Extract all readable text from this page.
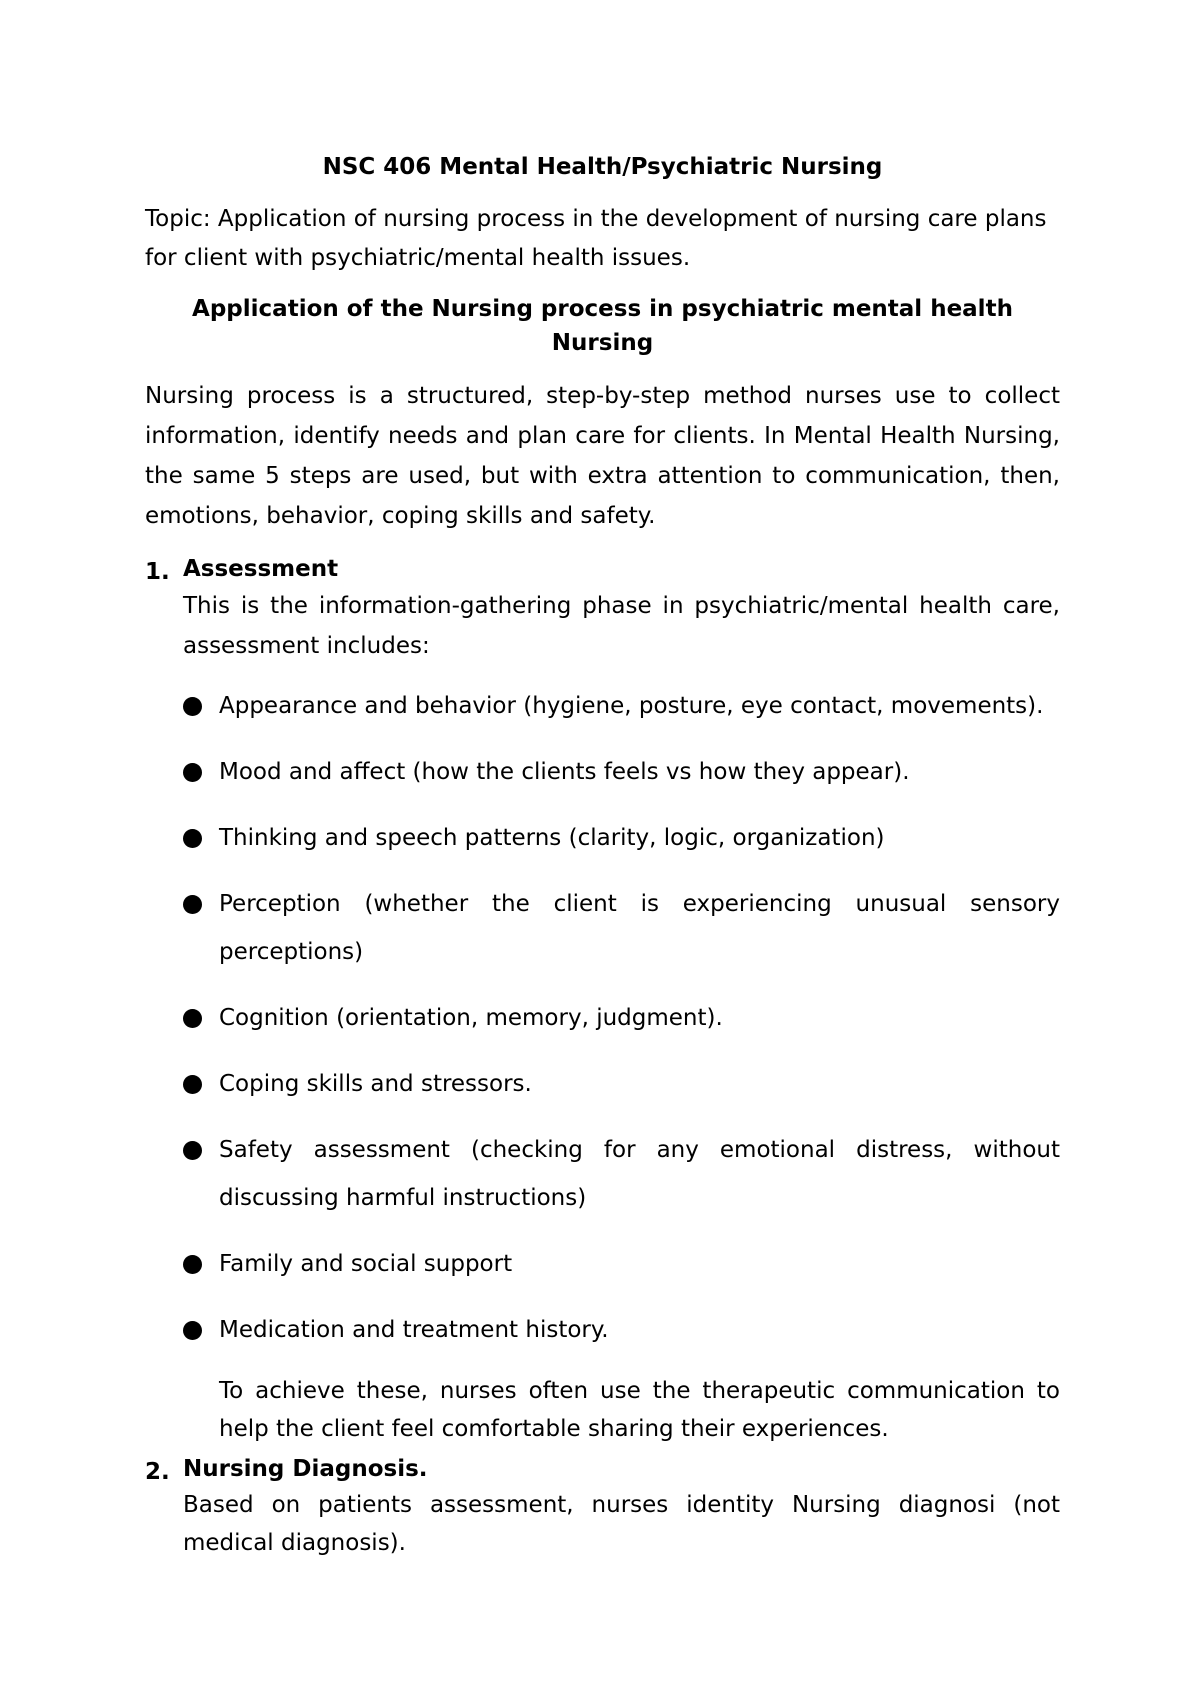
NSC 406 Mental Health/Psychiatric Nursing
Topic: Application of nursing process in the development of nursing care plans for client with psychiatric/mental health issues.
Application of the Nursing process in psychiatric mental health Nursing
Nursing process is a structured, step-by-step method nurses use to collect information, identify needs and plan care for clients. In Mental Health Nursing, the same 5 steps are used, but with extra attention to communication, then, emotions, behavior, coping skills and safety.
1. Assessment
This is the information-gathering phase in psychiatric/mental health care, assessment includes:
Appearance and behavior (hygiene, posture, eye contact, movements).
Mood and affect (how the clients feels vs how they appear).
Thinking and speech patterns (clarity, logic, organization)
Perception (whether the client is experiencing unusual sensory perceptions)
Cognition (orientation, memory, judgment).
Coping skills and stressors.
Safety assessment (checking for any emotional distress, without discussing harmful instructions)
Family and social support
Medication and treatment history.
To achieve these, nurses often use the therapeutic communication to help the client feel comfortable sharing their experiences.
2. Nursing Diagnosis.
Based on patients assessment, nurses identity Nursing diagnosi (not medical diagnosis).
